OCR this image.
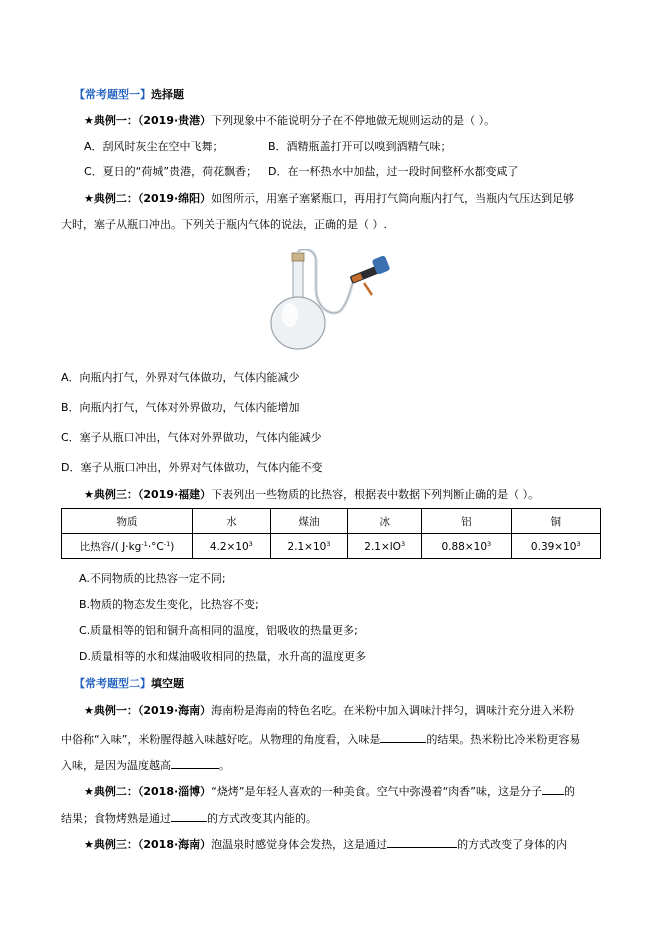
【常考题型一】选择题
★典例一：（2019·贵港）下列现象中不能说明分子在不停地做无规则运动的是（ ）。
A．刮风时灰尘在空中飞舞；	B．酒精瓶盖打开可以嗅到酒精气味；
C．夏日的“荷城”贵港，荷花飘香； D．在一杯热水中加盐，过一段时间整杯水都变咸了
★典例二：（2019·绵阳）如图所示，用塞子塞紧瓶口，再用打气筒向瓶内打气，当瓶内气压达到足够
大时，塞子从瓶口冲出。下列关于瓶内气体的说法，正确的是（ ）.
A．向瓶内打气，外界对气体做功，气体内能减少
B．向瓶内打气，气体对外界做功，气体内能增加
C．塞子从瓶口冲出，气体对外界做功，气体内能减少
D．塞子从瓶口冲出，外界对气体做功，气体内能不变
★典例三：（2019·福建）下表列出一些物质的比热容，根据表中数据下列判断止确的是（ ）。
物质	水	煤油	冰	铝	铜
比热容/( $J\cdot kg^{-1}\cdot^\circ C^{-1}$)	$4.2\times 10^3$	$2.1\times 10^3$	$2.1\times lO^3$	$0.88\times 10^3$	$0.39\times 10^3$
A.不同物质的比热容一定不同;
B.物质的物态发生变化，比热容不变;
C.质量相等的铝和铜升高相同的温度，铝吸收的热量更多;
D.质量相等的水和煤油吸收相同的热量，水升高的温度更多
【常考题型二】填空题
★典例一：（2019·海南）海南粉是海南的特色名吃。在米粉中加入调味汁拌匀，调味汁充分进入米粉
中俗称“入味”，米粉腥得越入味越好吃。从物理的角度看，入味是	的结果。热米粉比冷米粉更容易
入味，是因为温度越高	。
★典例二：（2018·淄博）“烧烤”是年轻人喜欢的一种美食。空气中弥漫着“肉香”味，这是分子 的
结果；食物烤熟是通过	的方式改变其内能的。
★典例三：（2018·海南）泡温泉时感觉身体会发热，这是通过	的方式改变了身体的内
